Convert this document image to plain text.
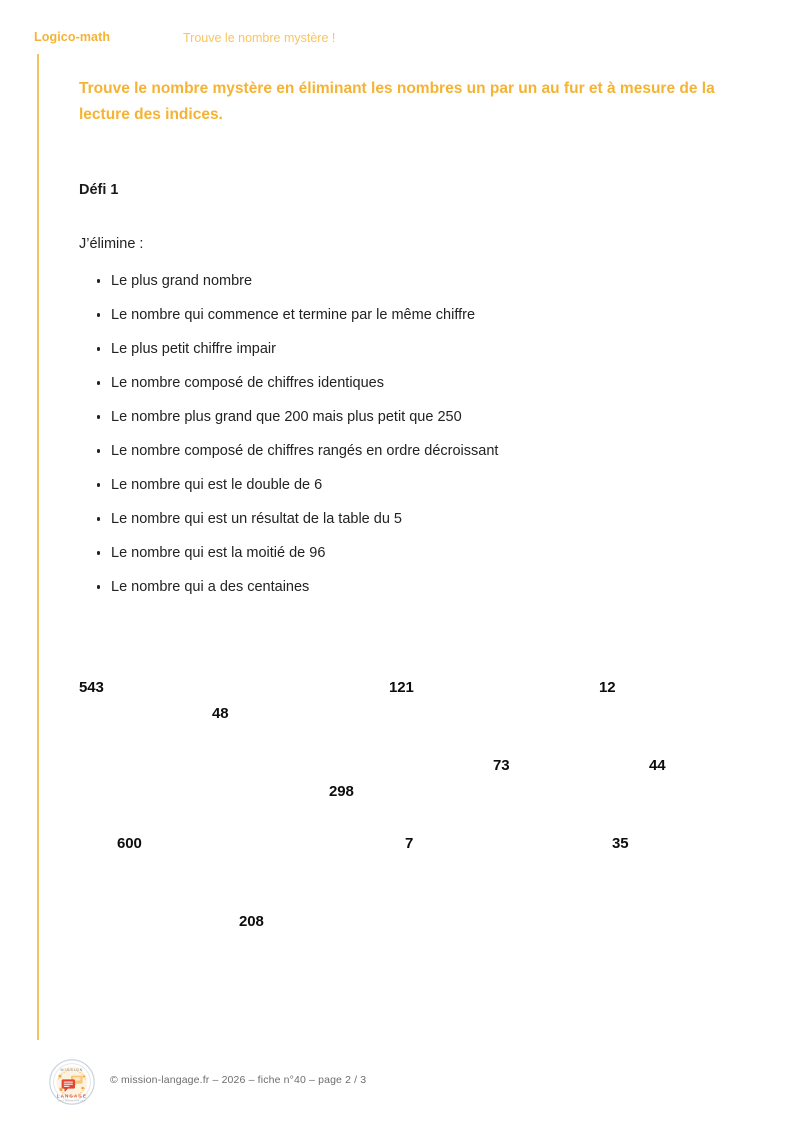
Logico-math	Trouve le nombre mystère !
Trouve le nombre mystère en éliminant les nombres un par un au fur et à mesure de la lecture des indices.
Défi 1
J’élimine :
Le plus grand nombre
Le nombre qui commence et termine par le même chiffre
Le plus petit chiffre impair
Le nombre composé de chiffres identiques
Le nombre plus grand que 200 mais plus petit que 250
Le nombre composé de chiffres rangés en ordre décroissant
Le nombre qui est le double de 6
Le nombre qui est un résultat de la table du 5
Le nombre qui est la moitié de 96
Le nombre qui a des centaines
543	121	12
48
73	44
298
600	7	35
208
MISSION
LANGAGE
DES RESSOURCES
© mission-langage.fr – 2026 – fiche n°40 – page 2 / 3
